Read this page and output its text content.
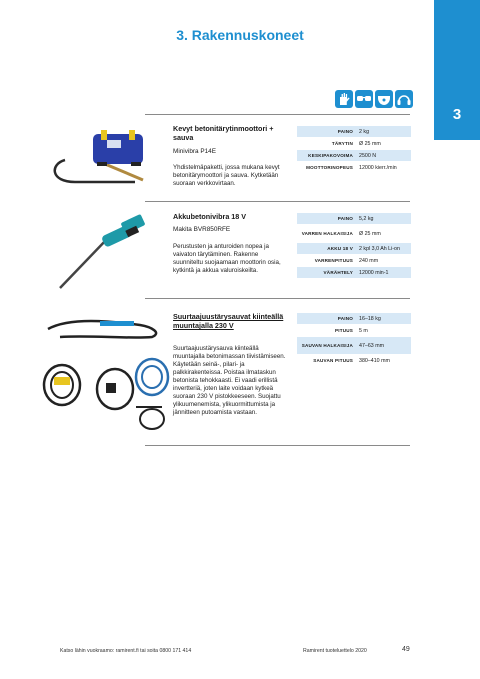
3. Rakennuskoneet
3
Kevyt betonitärytinmoottori + sauva
Minivibra P14E
Yhdistelmäpaketti, jossa mukana kevyt betonitärymoottori ja sauva. Kytketään suoraan verkkovirtaan.
PAINO	2 kg
TÄRYTIN	Ø 25 mm
KESKIPAKOVOIMA	2500 N
MOOTTORINOPEUS	12000 kierr./min
Akkubetonivibra 18 V
Makita BVR850RFE
Perustusten ja anturoiden nopea ja vaivaton tärytäminen. Rakenne suunniteltu suojaamaan moottorin osia, kytkintä ja akkua valuroiskeilta.
PAINO	5,2 kg
VARREN HALKAISIJA	Ø 25 mm
AKKU 18 V	2 kpl 3,0 Ah Li-on
VARRENPITUUS	240 mm
VÄRÄHTELY	12000 min-1
Suurtaajuustärysauvat kiinteällä muuntajalla 230 V
Suurtaajuustärysauva kiinteällä muuntajalla betonimassan tiivistämiseen. Käytetään seinä-, pilari- ja palkkirakenteissa. Poistaa ilmataskun betonista tehokkaasti. Ei vaadi erillistä invertteriä, joten laite voidaan kytkeä suoraan 230 V pistokkeeseen. Suojattu ylikuumenemista, ylikuormittumista ja jännitteen putoamista vastaan.
PAINO	16–18 kg
PITUUS	5 m
SAUVAN HALKAISIJA	47–63 mm
SAUVAN PITUUS	380–410 mm
Katso lähin vuokraamo: ramirent.fi tai soita 0800 171 414	Ramirent tuoteluettelo 2020	49
